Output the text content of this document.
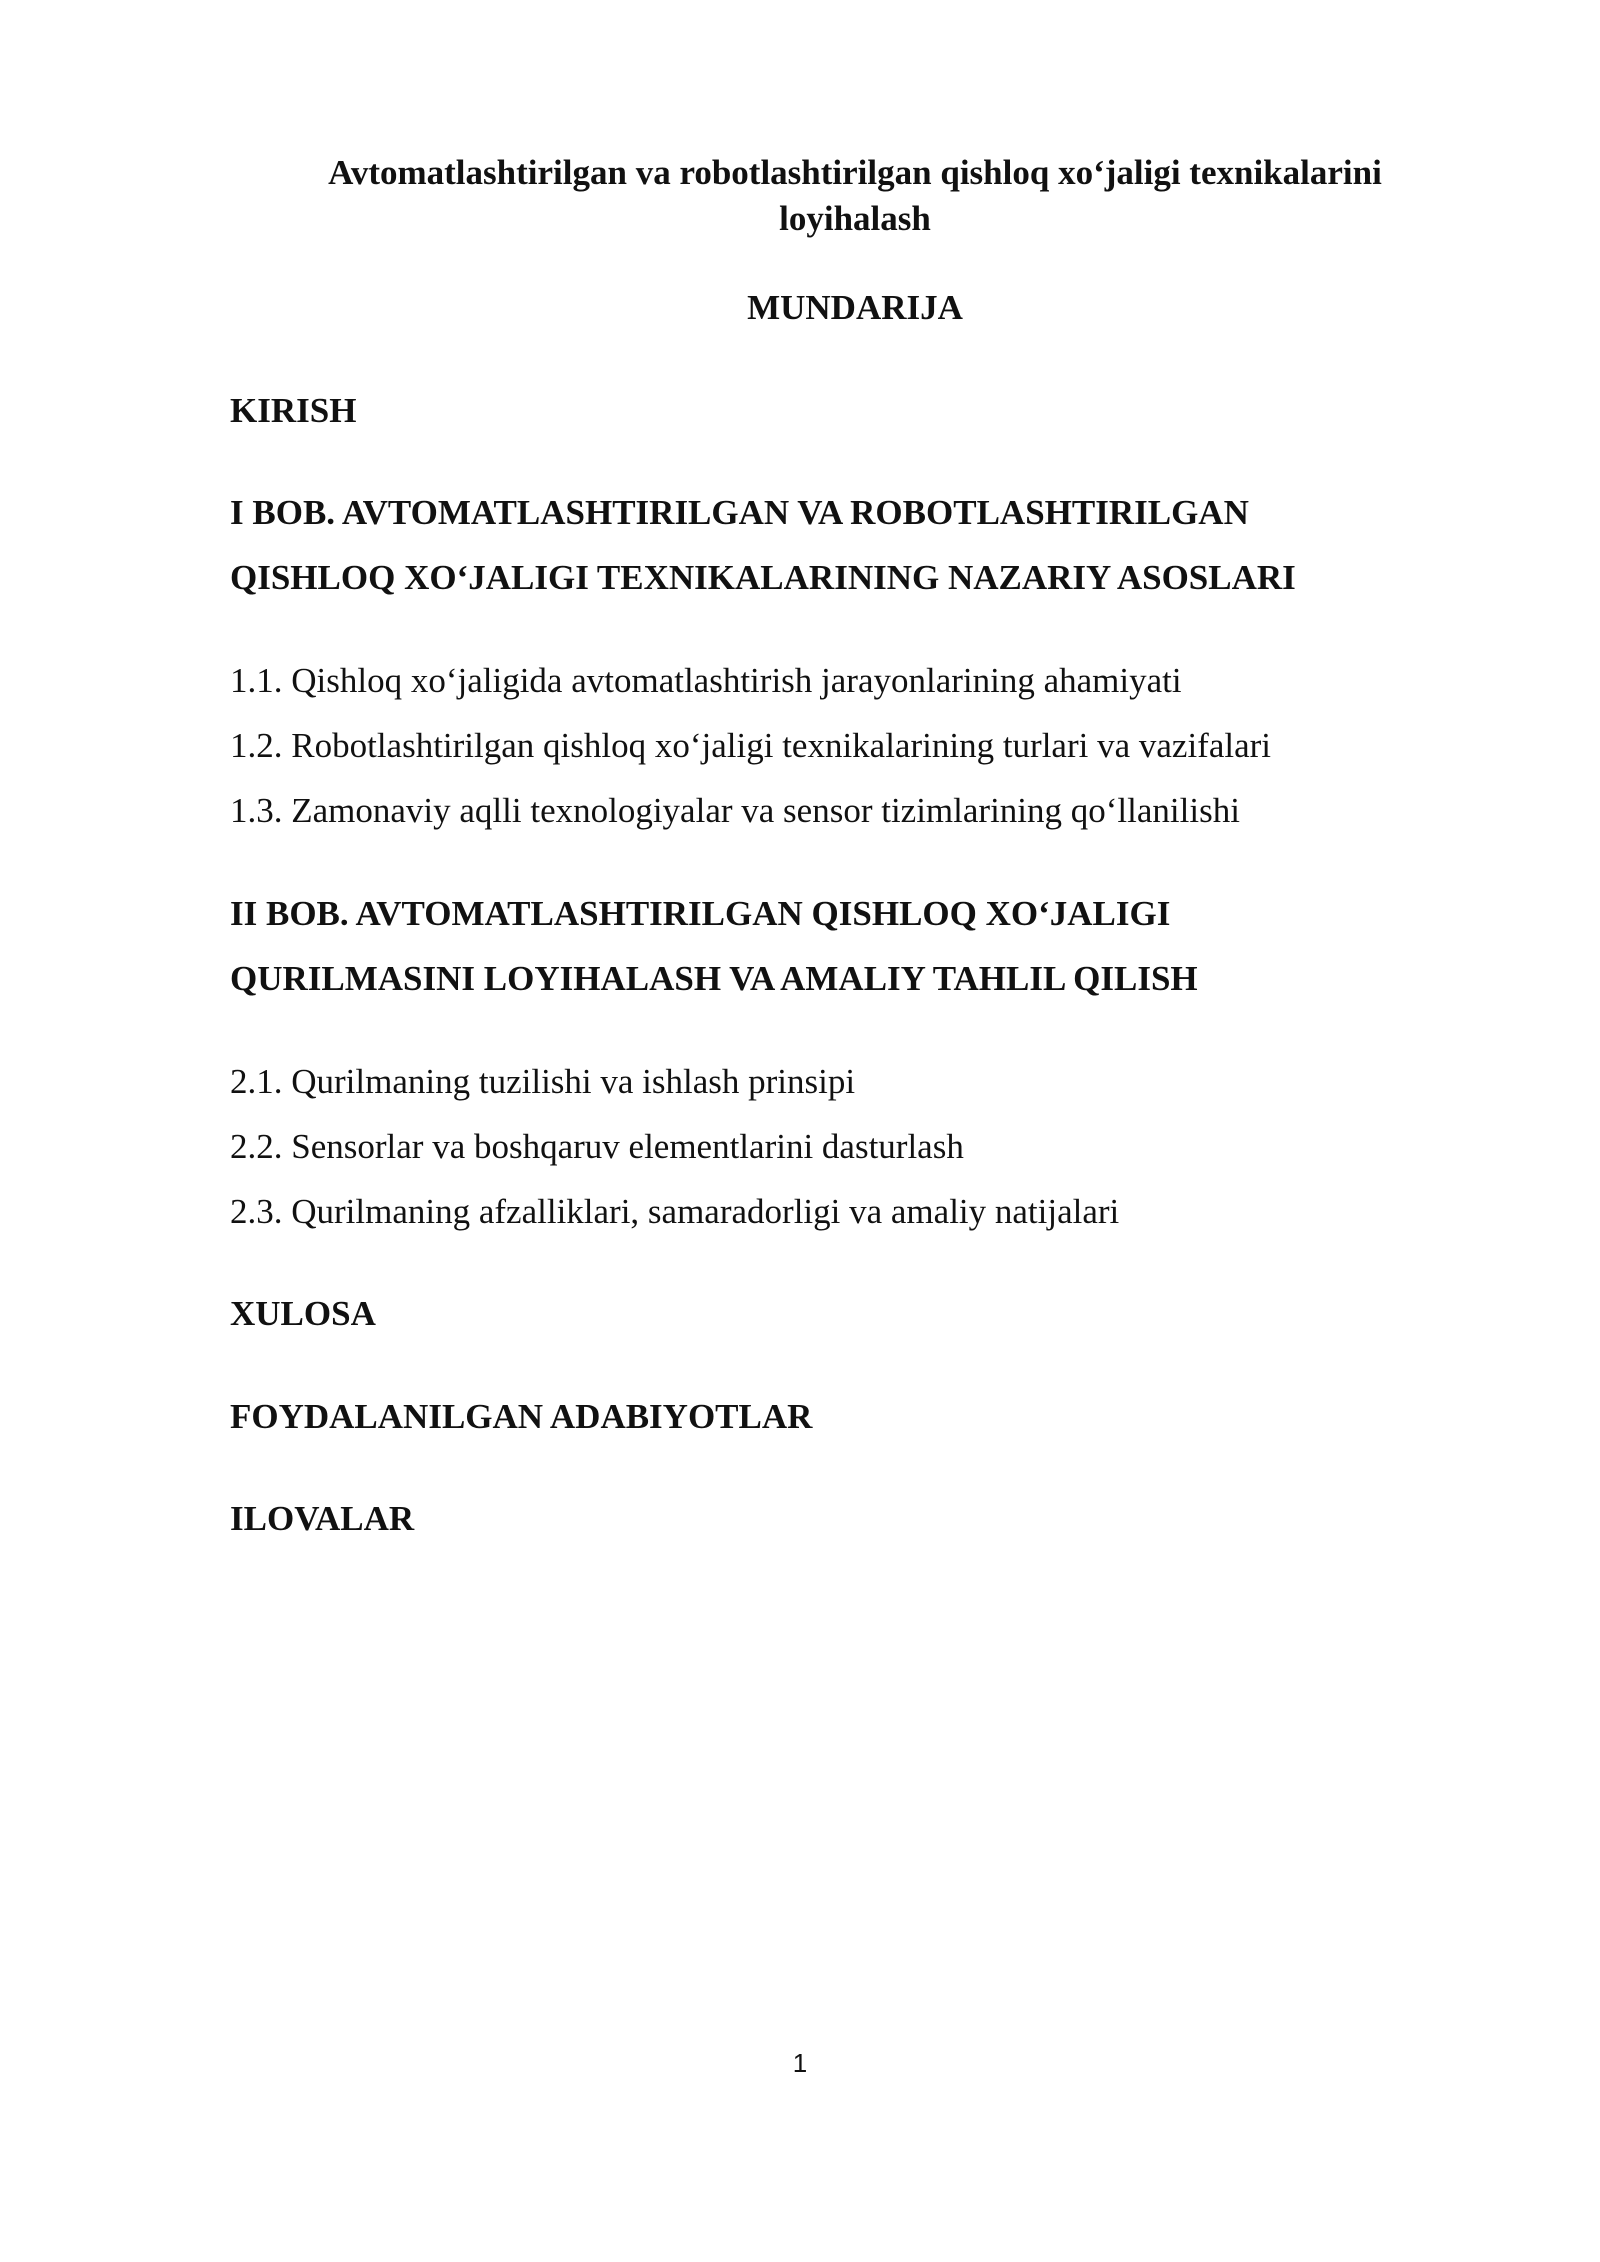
Avtomatlashtirilgan va robotlashtirilgan qishloq xo‘jaligi texnikalarini loyihalash
MUNDARIJA
KIRISH
I BOB. AVTOMATLASHTIRILGAN VA ROBOTLASHTIRILGAN
QISHLOQ XO‘JALIGI TEXNIKALARINING NAZARIY ASOSLARI
1.1. Qishloq xo‘jaligida avtomatlashtirish jarayonlarining ahamiyati
1.2. Robotlashtirilgan qishloq xo‘jaligi texnikalarining turlari va vazifalari
1.3. Zamonaviy aqlli texnologiyalar va sensor tizimlarining qo‘llanilishi
II BOB. AVTOMATLASHTIRILGAN QISHLOQ XO‘JALIGI
QURILMASINI LOYIHALASH VA AMALIY TAHLIL QILISH
2.1. Qurilmaning tuzilishi va ishlash prinsipi
2.2. Sensorlar va boshqaruv elementlarini dasturlash
2.3. Qurilmaning afzalliklari, samaradorligi va amaliy natijalari
XULOSA
FOYDALANILGAN ADABIYOTLAR
ILOVALAR
1
